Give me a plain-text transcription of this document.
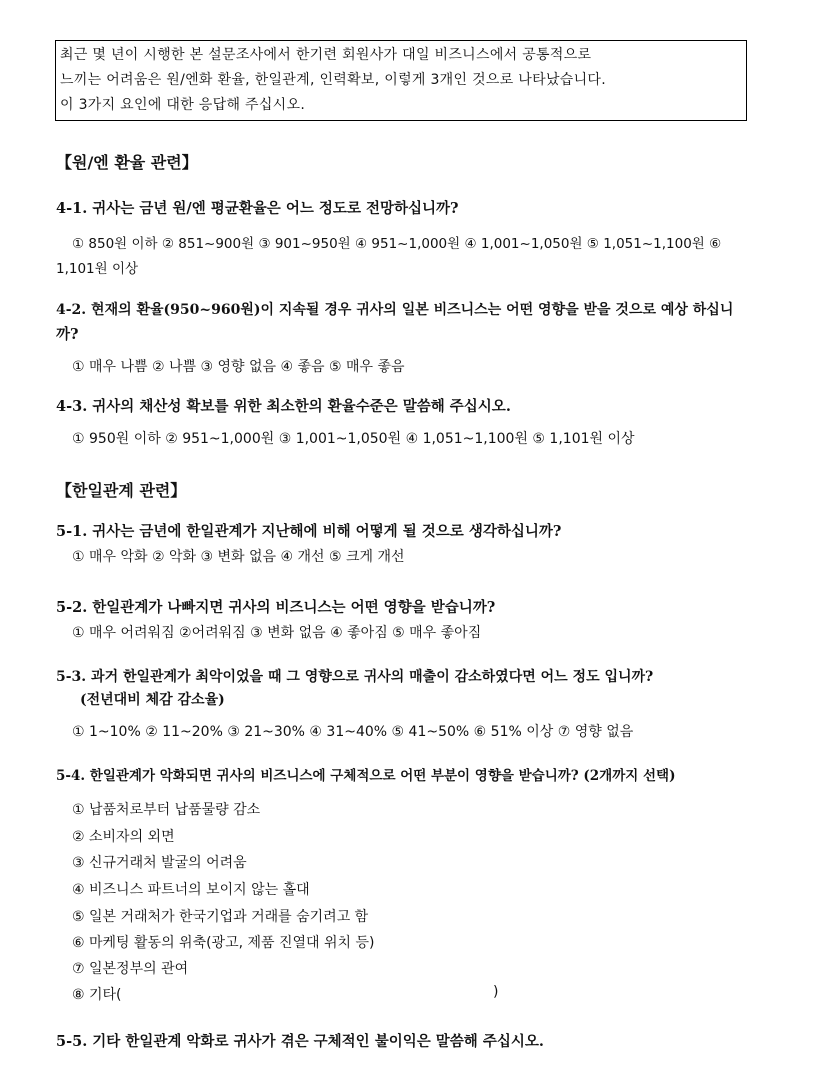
최근 몇 년이 시행한 본 설문조사에서 한기련 회원사가 대일 비즈니스에서 공통적으로
느끼는 어려움은 원/엔화 환율, 한일관계, 인력확보, 이렇게 3개인 것으로 나타났습니다.
이 3가지 요인에 대한 응답해 주십시오.
【원/엔 환율 관련】
4-1. 귀사는 금년 원/엔 평균환율은 어느 정도로 전망하십니까?
① 850원 이하 ② 851~900원 ③ 901~950원 ④ 951~1,000원 ④ 1,001~1,050원 ⑤ 1,051~1,100원 ⑥
1,101원 이상
4-2. 현재의 환율(950~960원)이 지속될 경우 귀사의 일본 비즈니스는 어떤 영향을 받을 것으로 예상 하십니
까?
① 매우 나쁨 ② 나쁨 ③ 영향 없음 ④ 좋음 ⑤ 매우 좋음
4-3. 귀사의 채산성 확보를 위한 최소한의 환율수준은 말씀해 주십시오.
① 950원 이하 ② 951~1,000원 ③ 1,001~1,050원 ④ 1,051~1,100원 ⑤ 1,101원 이상
【한일관계 관련】
5-1. 귀사는 금년에 한일관계가 지난해에 비해 어떻게 될 것으로 생각하십니까?
① 매우 악화 ② 악화 ③ 변화 없음 ④ 개선 ⑤ 크게 개선
5-2. 한일관계가 나빠지면 귀사의 비즈니스는 어떤 영향을 받습니까?
① 매우 어려워짐 ②어려워짐 ③ 변화 없음 ④ 좋아짐 ⑤ 매우 좋아짐
5-3. 과거 한일관계가 최악이었을 때 그 영향으로 귀사의 매출이 감소하였다면 어느 정도 입니까?
(전년대비 체감 감소율)
① 1~10% ② 11~20% ③ 21~30% ④ 31~40% ⑤ 41~50% ⑥ 51% 이상 ⑦ 영향 없음
5-4. 한일관계가 악화되면 귀사의 비즈니스에 구체적으로 어떤 부분이 영향을 받습니까? (2개까지 선택)
① 납품처로부터 납품물량 감소
② 소비자의 외면
③ 신규거래처 발굴의 어려움
④ 비즈니스 파트너의 보이지 않는 홀대
⑤ 일본 거래처가 한국기업과 거래를 숨기려고 함
⑥ 마케팅 활동의 위축(광고, 제품 진열대 위치 등)
⑦ 일본정부의 관여
⑧ 기타(	)
5-5. 기타 한일관계 악화로 귀사가 겪은 구체적인 불이익은 말씀해 주십시오.
